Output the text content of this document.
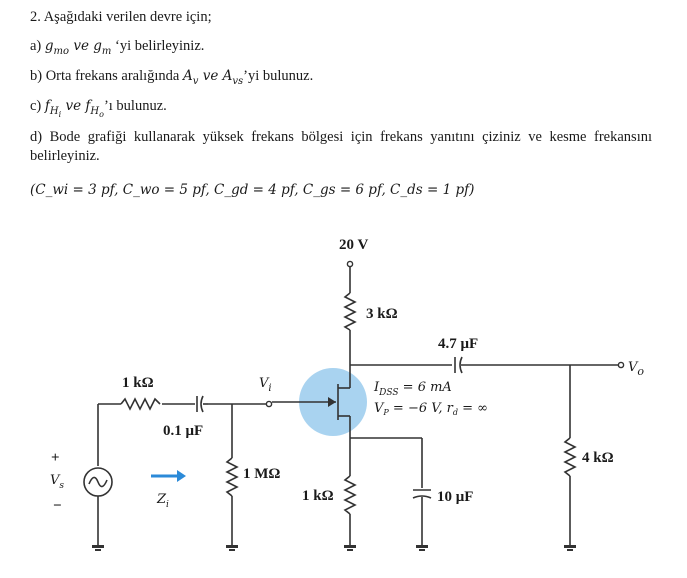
2. Aşağıdaki verilen devre için;
a) $g_{mo}$ ve $g_m$ ‘yi belirleyiniz.
b) Orta frekans aralığında $A_v$ ve $A_{vs}’yi$ bulunuz.
c) $f_{H_i}$ ve $f_{H_o}’ı$ bulunuz.
d) Bode grafiği kullanarak yüksek frekans bölgesi için frekans yanıtını çiziniz ve kesme frekansını belirleyiniz.
(C_wi = 3 pf, C_wo = 5 pf, C_gd = 4 pf, C_gs = 6 pf, C_ds = 1 pf)
20 V
3 kΩ
4.7 μF
$V_o$
4 kΩ
$I_{DSS} = 6$ mA
$V_P = -6$ V, $r_d$ = ∞
$V_i$
0.1 μF
1 kΩ
+
$V_s$
−	$Z_i$
1 MΩ
1 kΩ	10 μF
